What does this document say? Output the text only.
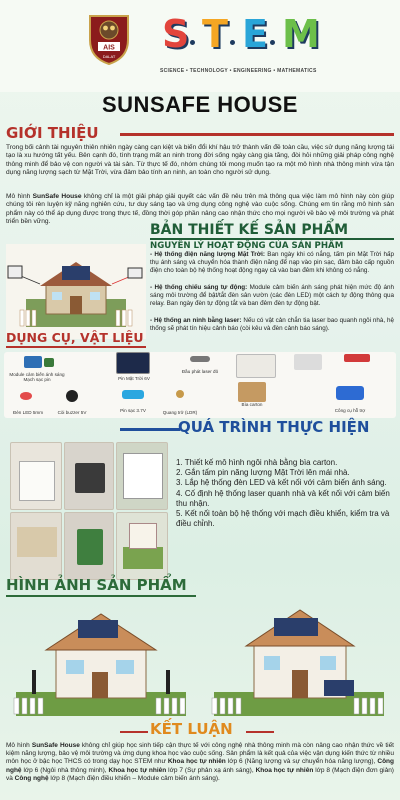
AIS
DALAT
S T E M
SCIENCE • TECHNOLOGY • ENGINEERING • MATHEMATICS
SUNSAFE HOUSE
GIỚI THIỆU
Trong bối cảnh tài nguyên thiên nhiên ngày càng cạn kiệt và biến đổi khí hậu trở thành vấn đề toàn cầu, việc sử dụng năng lượng tái tạo là xu hướng tất yếu. Bên cạnh đó, tình trạng mất an ninh trong đời sống ngày càng gia tăng, đòi hỏi những giải pháp công nghệ thông minh để bảo vệ con người và tài sản. Từ thực tế đó, nhóm chúng tôi mong muốn tạo ra một mô hình nhà thông minh vừa tận dụng năng lượng sạch từ Mặt Trời, vừa đảm bảo tính an ninh, an toàn cho người sử dụng.
Mô hình SunSafe House không chỉ là một giải pháp giải quyết các vấn đề nêu trên mà thông qua việc làm mô hình này còn giúp chúng tôi rèn luyện kỹ năng nghiên cứu, tư duy sáng tạo và ứng dụng công nghệ vào cuộc sống. Chúng em tin rằng mô hình sản phẩm này có thể áp dụng được trong thực tế, đồng thời góp phần nâng cao nhận thức cho mọi người về bảo vệ môi trường và phát triển bền vững.
BẢN THIẾT KẾ SẢN PHẨM
NGUYÊN LÝ HOẠT ĐỘNG CỦA SẢN PHẨM
- Hệ thống điện năng lượng Mặt Trời: Ban ngày khi có nắng, tấm pin Mặt Trời hấp thụ ánh sáng và chuyển hóa thành điện năng để nạp vào pin sạc, đảm bảo cấp nguồn điện cho toàn bộ hệ thống hoạt động ngay cả vào ban đêm khi không có nắng.
- Hệ thống chiếu sáng tự động: Module cảm biến ánh sáng phát hiện mức độ ánh sáng môi trường để bật/tắt đèn sân vườn (các đèn LED) một cách tự động thông qua relay. Ban ngày đèn tự động tắt và ban đêm đèn tự động bật.
- Hệ thống an ninh bằng laser: Nếu có vật cản chắn tia laser bao quanh ngôi nhà, hệ thống sẽ phát tín hiệu cảnh báo (còi kêu và đèn cảnh báo sáng).
DỤNG CỤ, VẬT LIỆU
Module cảm biến ánh sáng Mạch sạc pin	Pin Mặt Trời 6V
Đầu phát laser đỏ
Đèn LED 5mm	Còi buzzer 5V	Pin sạc 3.7V	Quang trở (LDR)
Bìa carton
Công cụ hỗ trợ
QUÁ TRÌNH THỰC HIỆN
1. Thiết kế mô hình ngôi nhà bằng bìa carton.
2. Gắn tấm pin năng lượng Mặt Trời lên mái nhà.
3. Lắp hệ thống đèn LED và kết nối với cảm biến ánh sáng.
4. Cố định hệ thống laser quanh nhà và kết nối với cảm biến thu nhận.
5. Kết nối toàn bộ hệ thống với mạch điều khiển, kiểm tra và điều chỉnh.
HÌNH ẢNH SẢN PHẨM
KẾT LUẬN
Mô hình SunSafe House không chỉ giúp học sinh tiếp cận thực tế với công nghệ nhà thông minh mà còn nâng cao nhận thức về tiết kiệm năng lượng, bảo vệ môi trường và ứng dụng khoa học vào cuộc sống. Sản phẩm là kết quả của việc vận dụng kiến thức từ nhiều môn học ở bậc học THCS có trong dạy học STEM như Khoa học tự nhiên lớp 6 (Năng lượng và sự chuyển hóa năng lượng), Công nghệ lớp 6 (Ngôi nhà thông minh), Khoa học tự nhiên lớp 7 (Sự phản xạ ánh sáng), Khoa học tự nhiên lớp 8 (Mạch điện đơn giản) và Công nghệ lớp 8 (Mạch điện điều khiển – Module cảm biến ánh sáng).
